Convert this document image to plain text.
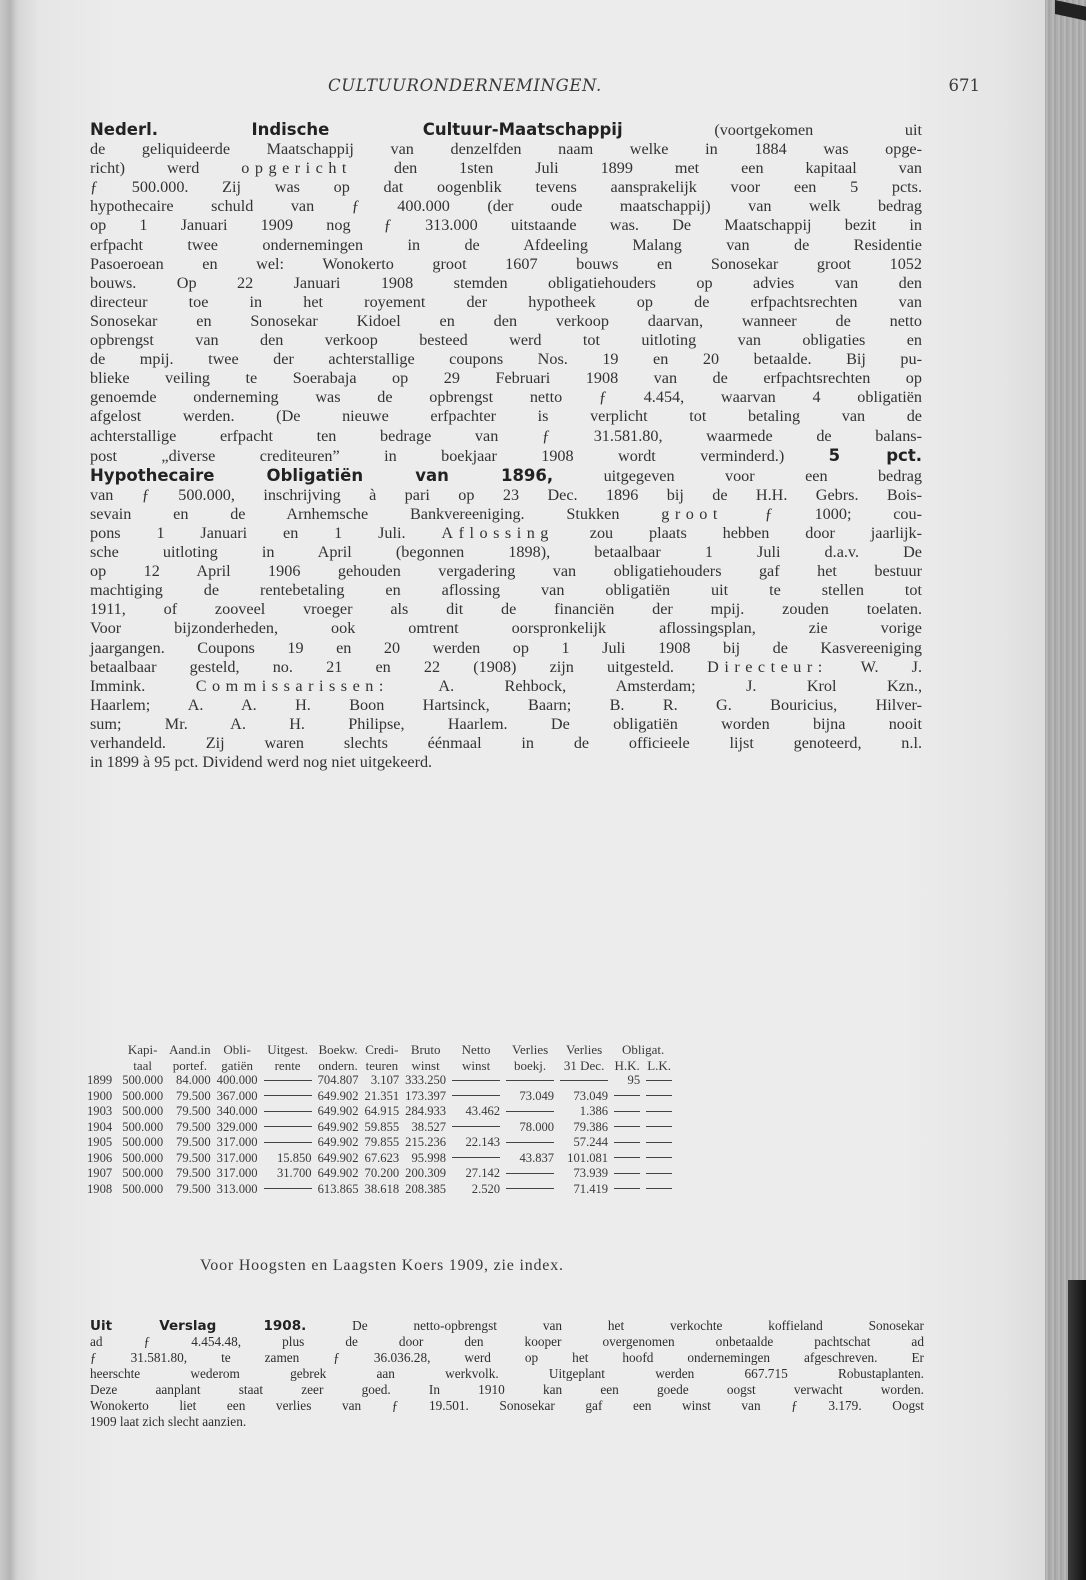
CULTUURONDERNEMINGEN.	671
Nederl. Indische Cultuur-Maatschappij (voortgekomen uit
de geliquideerde Maatschappij van denzelfden naam welke in 1884 was opge-
richt) werd opgericht den 1sten Juli 1899 met een kapitaal van
ƒ 500.000. Zij was op dat oogenblik tevens aansprakelijk voor een 5 pcts.
hypothecaire schuld van ƒ 400.000 (der oude maatschappij) van welk bedrag
op 1 Januari 1909 nog ƒ 313.000 uitstaande was. De Maatschappij bezit in
erfpacht twee ondernemingen in de Afdeeling Malang van de Residentie
Pasoeroean en wel: Wonokerto groot 1607 bouws en Sonosekar groot 1052
bouws. Op 22 Januari 1908 stemden obligatiehouders op advies van den
directeur toe in het royement der hypotheek op de erfpachtsrechten van
Sonosekar en Sonosekar Kidoel en den verkoop daarvan, wanneer de netto
opbrengst van den verkoop besteed werd tot uitloting van obligaties en
de mpij. twee der achterstallige coupons Nos. 19 en 20 betaalde. Bij pu-
blieke veiling te Soerabaja op 29 Februari 1908 van de erfpachtsrechten op
genoemde onderneming was de opbrengst netto ƒ 4.454, waarvan 4 obligatiën
afgelost werden. (De nieuwe erfpachter is verplicht tot betaling van de
achterstallige erfpacht ten bedrage van ƒ 31.581.80, waarmede de balans-
post „diverse crediteuren” in boekjaar 1908 wordt verminderd.)	5 pct.
Hypothecaire Obligatiën van 1896, uitgegeven voor een bedrag
van ƒ 500.000, inschrijving à pari op 23 Dec. 1896 bij de H.H. Gebrs. Bois-
sevain en de Arnhemsche Bankvereeniging. Stukken groot ƒ 1000; cou-
pons 1 Januari en 1 Juli. Aflossing zou plaats hebben door jaarlijk-
sche uitloting in April (begonnen 1898), betaalbaar 1 Juli d.a.v. De
op 12 April 1906 gehouden vergadering van obligatiehouders gaf het bestuur
machtiging de rentebetaling en aflossing van obligatiën uit te stellen tot
1911, of zooveel vroeger als dit de financiën der mpij. zouden toelaten.
Voor bijzonderheden, ook omtrent oorspronkelijk aflossingsplan, zie vorige
jaargangen. Coupons 19 en 20 werden op 1 Juli 1908 bij de Kasvereeniging
betaalbaar gesteld, no. 21 en 22 (1908) zijn uitgesteld. Directeur: W. J.
Immink. Commissarissen: A. Rehbock, Amsterdam; J. Krol Kzn.,
Haarlem; A. A. H. Boon Hartsinck, Baarn; B. R. G. Bouricius, Hilver-
sum; Mr. A. H. Philipse, Haarlem. De obligatiën worden bijna nooit
verhandeld. Zij waren slechts éénmaal in de officieele lijst genoteerd, n.l.
in 1899 à 95 pct. Dividend werd nog niet uitgekeerd.
	Kapi-	Aand.in	Obli-	Uitgest.	Boekw.	Credi-	Bruto	Netto	Verlies	Verlies	Obligat.	
	taal	portef.	gatiën	rente	ondern.	teuren	winst	winst	boekj.	31 Dec.	H.K.	L.K.
1899	500.000	84.000	400.000		704.807	3.107	333.250				95	
1900	500.000	79.500	367.000		649.902	21.351	173.397		73.049	73.049		
1903	500.000	79.500	340.000		649.902	64.915	284.933	43.462		1.386		
1904	500.000	79.500	329.000		649.902	59.855	38.527		78.000	79.386		
1905	500.000	79.500	317.000		649.902	79.855	215.236	22.143		57.244		
1906	500.000	79.500	317.000	15.850	649.902	67.623	95.998		43.837	101.081		
1907	500.000	79.500	317.000	31.700	649.902	70.200	200.309	27.142		73.939		
1908	500.000	79.500	313.000		613.865	38.618	208.385	2.520		71.419		
Voor Hoogsten en Laagsten Koers 1909, zie index.
Uit Verslag 1908. De netto-opbrengst van het verkochte koffieland Sonosekar
ad ƒ 4.454.48, plus de door den kooper overgenomen onbetaalde pachtschat ad
ƒ 31.581.80, te zamen ƒ 36.036.28, werd op het hoofd ondernemingen afgeschreven. Er
heerschte wederom gebrek aan werkvolk. Uitgeplant werden 667.715 Robustaplanten.
Deze aanplant staat zeer goed. In 1910 kan een goede oogst verwacht worden.
Wonokerto liet een verlies van ƒ 19.501. Sonosekar gaf een winst van ƒ 3.179. Oogst
1909 laat zich slecht aanzien.
